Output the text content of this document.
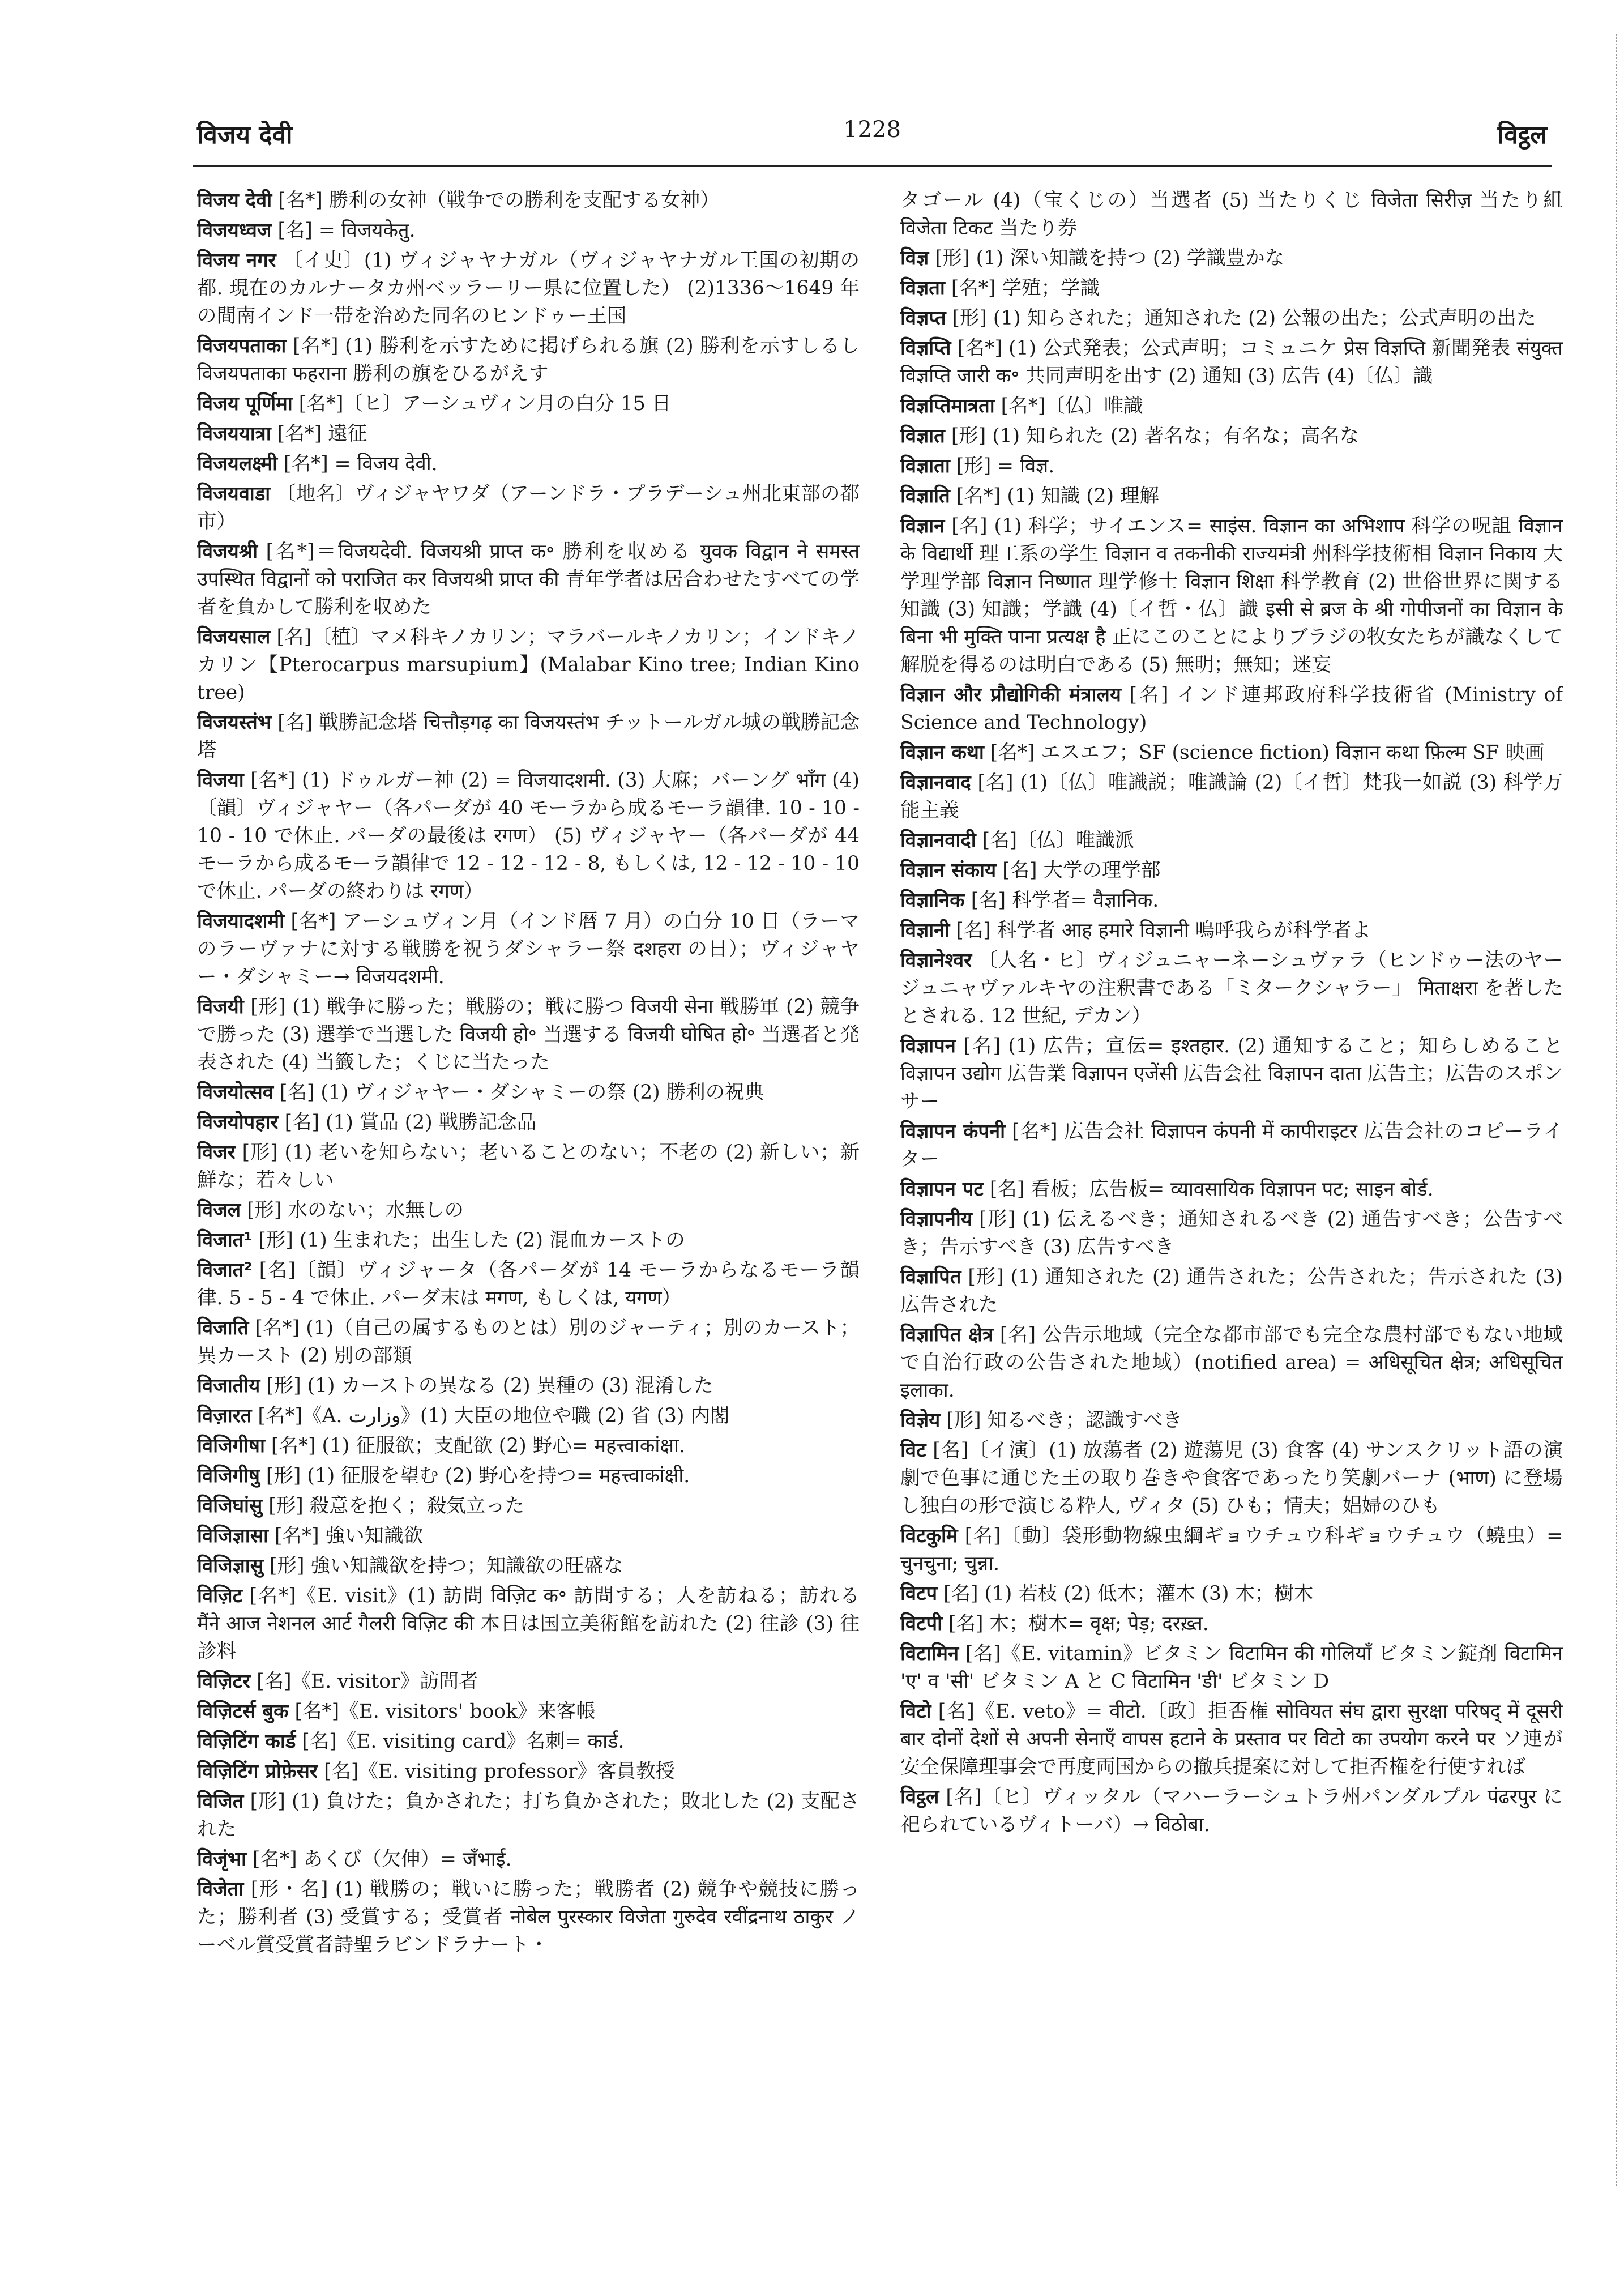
विजय देवी	1228	विट्ठल

विजय देवी [名*] 勝利の女神（戦争での勝利を支配する女神）

विजयध्वज [名] = विजयकेतु.

विजय नगर 〔イ史〕(1) ヴィジャヤナガル（ヴィジャヤナガル王国の初期の都. 現在のカルナータカ州ベッラーリー県に位置した） (2)1336～1649 年の間南インド一帯を治めた同名のヒンドゥー王国

विजयपताका [名*] (1) 勝利を示すために掲げられる旗 (2) 勝利を示すしるし विजयपताका फहराना 勝利の旗をひるがえす

विजय पूर्णिमा [名*]〔ヒ〕アーシュヴィン月の白分 15 日

विजययात्रा [名*] 遠征

विजयलक्ष्मी [名*] = विजय देवी.

विजयवाडा 〔地名〕ヴィジャヤワダ（アーンドラ・プラデーシュ州北東部の都市）

विजयश्री [名*]＝विजयदेवी. विजयश्री प्राप्त क॰ 勝利を収める युवक विद्वान ने समस्त उपस्थित विद्वानों को पराजित कर विजयश्री प्राप्त की 青年学者は居合わせたすべての学者を負かして勝利を収めた

विजयसाल [名]〔植〕マメ科キノカリン；マラバールキノカリン；インドキノカリン【Pterocarpus marsupium】(Malabar Kino tree; Indian Kino tree)

विजयस्तंभ [名] 戦勝記念塔 चित्तौड़गढ़ का विजयस्तंभ チットールガル城の戦勝記念塔

विजया [名*] (1) ドゥルガー神 (2) = विजयादशमी. (3) 大麻；バーング भाँग (4)〔韻〕ヴィジャヤー（各パーダが 40 モーラから成るモーラ韻律. 10 - 10 - 10 - 10 で休止. パーダの最後は रगण） (5) ヴィジャヤー（各パーダが 44 モーラから成るモーラ韻律で 12 - 12 - 12 - 8, もしくは, 12 - 12 - 10 - 10 で休止. パーダの終わりは रगण）

विजयादशमी [名*] アーシュヴィン月（インド暦 7 月）の白分 10 日（ラーマのラーヴァナに対する戦勝を祝うダシャラー祭 दशहरा の日）；ヴィジャヤー・ダシャミー→ विजयदशमी.

विजयी [形] (1) 戦争に勝った；戦勝の；戦に勝つ विजयी सेना 戦勝軍 (2) 競争で勝った (3) 選挙で当選した विजयी हो॰ 当選する विजयी घोषित हो॰ 当選者と発表された (4) 当籤した；くじに当たった

विजयोत्सव [名] (1) ヴィジャヤー・ダシャミーの祭 (2) 勝利の祝典

विजयोपहार [名] (1) 賞品 (2) 戦勝記念品

विजर [形] (1) 老いを知らない；老いることのない；不老の (2) 新しい；新鮮な；若々しい

विजल [形] 水のない；水無しの

विजात¹ [形] (1) 生まれた；出生した (2) 混血カーストの

विजात² [名]〔韻〕ヴィジャータ（各パーダが 14 モーラからなるモーラ韻律. 5 - 5 - 4 で休止. パーダ末は मगण, もしくは, यगण）

विजाति [名*] (1)（自己の属するものとは）別のジャーティ；別のカースト；異カースト (2) 別の部類

विजातीय [形] (1) カーストの異なる (2) 異種の (3) 混淆した

विज़ारत [名*]《A. وزارت》(1) 大臣の地位や職 (2) 省 (3) 内閣

विजिगीषा [名*] (1) 征服欲；支配欲 (2) 野心= महत्त्वाकांक्षा.

विजिगीषु [形] (1) 征服を望む (2) 野心を持つ= महत्त्वाकांक्षी.

विजिघांसु [形] 殺意を抱く；殺気立った

विजिज्ञासा [名*] 強い知識欲

विजिज्ञासु [形] 強い知識欲を持つ；知識欲の旺盛な

विज़िट [名*]《E. visit》(1) 訪問 विज़िट क॰ 訪問する；人を訪ねる；訪れる मैंने आज नेशनल आर्ट गैलरी विज़िट की 本日は国立美術館を訪れた (2) 往診 (3) 往診料

विज़िटर [名]《E. visitor》訪問者

विज़िटर्स बुक [名*]《E. visitors' book》来客帳

विज़िटिंग कार्ड [名]《E. visiting card》名刺= कार्ड.

विज़िटिंग प्रोफ़ेसर [名]《E. visiting professor》客員教授

विजित [形] (1) 負けた；負かされた；打ち負かされた；敗北した (2) 支配された

विजृंभा [名*] あくび（欠伸）= जँभाई.

विजेता [形・名] (1) 戦勝の；戦いに勝った；戦勝者 (2) 競争や競技に勝った；勝利者 (3) 受賞する；受賞者 नोबेल पुरस्कार विजेता गुरुदेव रवींद्रनाथ ठाकुर ノーベル賞受賞者詩聖ラビンドラナート・

タゴール (4)（宝くじの）当選者 (5) 当たりくじ विजेता सिरीज़ 当たり組 विजेता टिकट 当たり券

विज्ञ [形] (1) 深い知識を持つ (2) 学識豊かな

विज्ञता [名*] 学殖；学識

विज्ञप्त [形] (1) 知らされた；通知された (2) 公報の出た；公式声明の出た

विज्ञप्ति [名*] (1) 公式発表；公式声明；コミュニケ प्रेस विज्ञप्ति 新聞発表 संयुक्त विज्ञप्ति जारी क॰ 共同声明を出す (2) 通知 (3) 広告 (4)〔仏〕識

विज्ञप्तिमात्रता [名*]〔仏〕唯識

विज्ञात [形] (1) 知られた (2) 著名な；有名な；高名な

विज्ञाता [形] = विज्ञ.

विज्ञाति [名*] (1) 知識 (2) 理解

विज्ञान [名] (1) 科学；サイエンス= साइंस. विज्ञान का अभिशाप 科学の呪詛 विज्ञान के विद्यार्थी 理工系の学生 विज्ञान व तकनीकी राज्यमंत्री 州科学技術相 विज्ञान निकाय 大学理学部 विज्ञान निष्णात 理学修士 विज्ञान शिक्षा 科学教育 (2) 世俗世界に関する知識 (3) 知識；学識 (4)〔イ哲・仏〕識 इसी से ब्रज के श्री गोपीजनों का विज्ञान के बिना भी मुक्ति पाना प्रत्यक्ष है 正にこのことによりブラジの牧女たちが識なくして解脱を得るのは明白である (5) 無明；無知；迷妄

विज्ञान और प्रौद्योगिकी मंत्रालय [名] インド連邦政府科学技術省 (Ministry of Science and Technology)

विज्ञान कथा [名*] エスエフ；SF (science fiction) विज्ञान कथा फ़िल्म SF 映画

विज्ञानवाद [名] (1)〔仏〕唯識説；唯識論 (2)〔イ哲〕梵我一如説 (3) 科学万能主義

विज्ञानवादी [名]〔仏〕唯識派

विज्ञान संकाय [名] 大学の理学部

विज्ञानिक [名] 科学者= वैज्ञानिक.

विज्ञानी [名] 科学者 आह हमारे विज्ञानी 嗚呼我らが科学者よ

विज्ञानेश्वर 〔人名・ヒ〕ヴィジュニャーネーシュヴァラ（ヒンドゥー法のヤージュニャヴァルキヤの注釈書である「ミタークシャラー」 मिताक्षरा を著したとされる. 12 世紀, デカン）

विज्ञापन [名] (1) 広告；宣伝= इश्तहार. (2) 通知すること；知らしめること विज्ञापन उद्योग 広告業 विज्ञापन एजेंसी 広告会社 विज्ञापन दाता 広告主；広告のスポンサー

विज्ञापन कंपनी [名*] 広告会社 विज्ञापन कंपनी में कापीराइटर 広告会社のコピーライター

विज्ञापन पट [名] 看板；広告板= व्यावसायिक विज्ञापन पट; साइन बोर्ड.

विज्ञापनीय [形] (1) 伝えるべき；通知されるべき (2) 通告すべき；公告すべき；告示すべき (3) 広告すべき

विज्ञापित [形] (1) 通知された (2) 通告された；公告された；告示された (3) 広告された

विज्ञापित क्षेत्र [名] 公告示地域（完全な都市部でも完全な農村部でもない地域で自治行政の公告された地域）(notified area) = अधिसूचित क्षेत्र; अधिसूचित इलाका.

विज्ञेय [形] 知るべき；認識すべき

विट [名]〔イ演〕(1) 放蕩者 (2) 遊蕩児 (3) 食客 (4) サンスクリット語の演劇で色事に通じた王の取り巻きや食客であったり笑劇バーナ (भाण) に登場し独白の形で演じる粋人, ヴィタ (5) ひも；情夫；娼婦のひも

विटकुमि [名]〔動〕袋形動物線虫綱ギョウチュウ科ギョウチュウ（蟯虫）= चुनचुना; चुन्ना.

विटप [名] (1) 若枝 (2) 低木；灌木 (3) 木；樹木

विटपी [名] 木；樹木= वृक्ष; पेड़; दरख़्त.

विटामिन [名]《E. vitamin》ビタミン विटामिन की गोलियाँ ビタミン錠剤 विटामिन 'ए' व 'सी' ビタミン A と C विटामिन 'डी' ビタミン D

विटो [名]《E. veto》= वीटो.〔政〕拒否権 सोवियत संघ द्वारा सुरक्षा परिषद् में दूसरी बार दोनों देशों से अपनी सेनाएँ वापस हटाने के प्रस्ताव पर विटो का उपयोग करने पर ソ連が安全保障理事会で再度両国からの撤兵提案に対して拒否権を行使すれば

विट्ठल [名]〔ヒ〕ヴィッタル（マハーラーシュトラ州パンダルプル पंढरपुर に祀られているヴィトーバ）→ विठोबा.
